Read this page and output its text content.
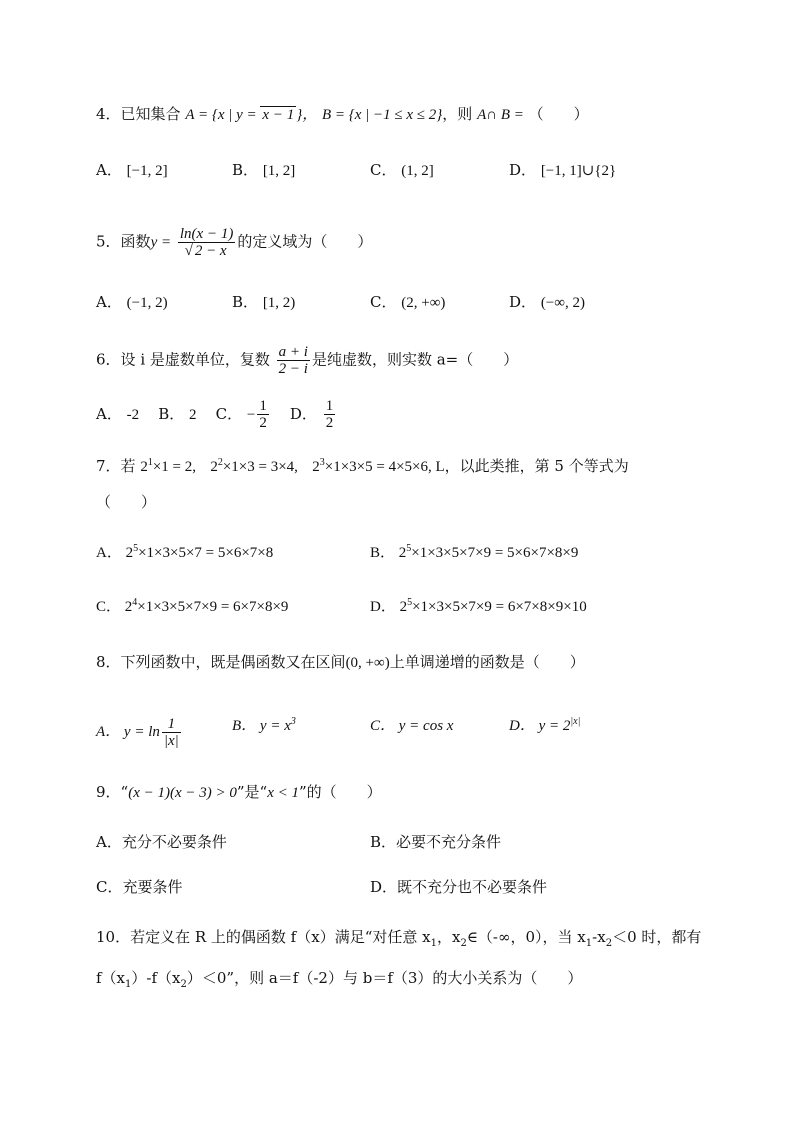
4．已知集合 A = {x | y = x − 1 }， B = {x | −1 ≤ x ≤ 2}，则 A∩ B = （　　）
A． [−1, 2]	B． [1, 2]	C． (1, 2]	D． [−1, 1]∪{2}
5．函数$y = \frac{\ln(x - 1)}{√ 2 - x}$ 的定义域为（　　）
A． (−1, 2)	B． [1, 2)	C． (2, +∞)	D． (−∞, 2)
6．设 i 是虚数单位，复数 $\frac{a + i}{2 - i}$ 是纯虚数，则实数 a=（　　）
A． -2 B． 2 C． − $\frac{1}{2}$ D． $\frac{1}{2}$
7．若 $2^1\times 1 = 2$, $2^2\times 1\times 3 = 3\times 4$, $2^3\times 1\times 3\times 5 = 4\times 5\times 6$, L，以此类推，第 5 个等式为
（　　）
A． $2^5\times 1\times 3\times 5\times 7 = 5\times 6\times 7\times 8$	B． $2^5\times 1\times 3\times 5\times 7\times 9 = 5\times 6\times 7\times 8\times 9$
C． $2^4\times 1\times 3\times 5\times 7\times 9 = 6\times 7\times 8\times 9$	D． $2^5\times 1\times 3\times 5\times 7\times 9 = 6\times 7\times 8\times 9\times 10$
8．下列函数中，既是偶函数又在区间(0, +∞)上单调递增的函数是（　　）
A． $y = \ln \frac{1}{|x|}$	B． $y = x^3$	C． y = cos x	D． $y = 2^{|x|}$
9．“(x − 1)(x − 3) > 0”是“x < 1”的（　　）
A．充分不必要条件	B．必要不充分条件
C．充要条件	D．既不充分也不必要条件
10．若定义在 R 上的偶函数 f（x）满足“对任意 $x_1$，$x_2\in(-\infty$，0），当 $x_1-x_2<0$ 时，都有
$f(x_1)-f(x_2)<0$”，则 a＝f（-2）与 b＝f（3）的大小关系为（　　）
